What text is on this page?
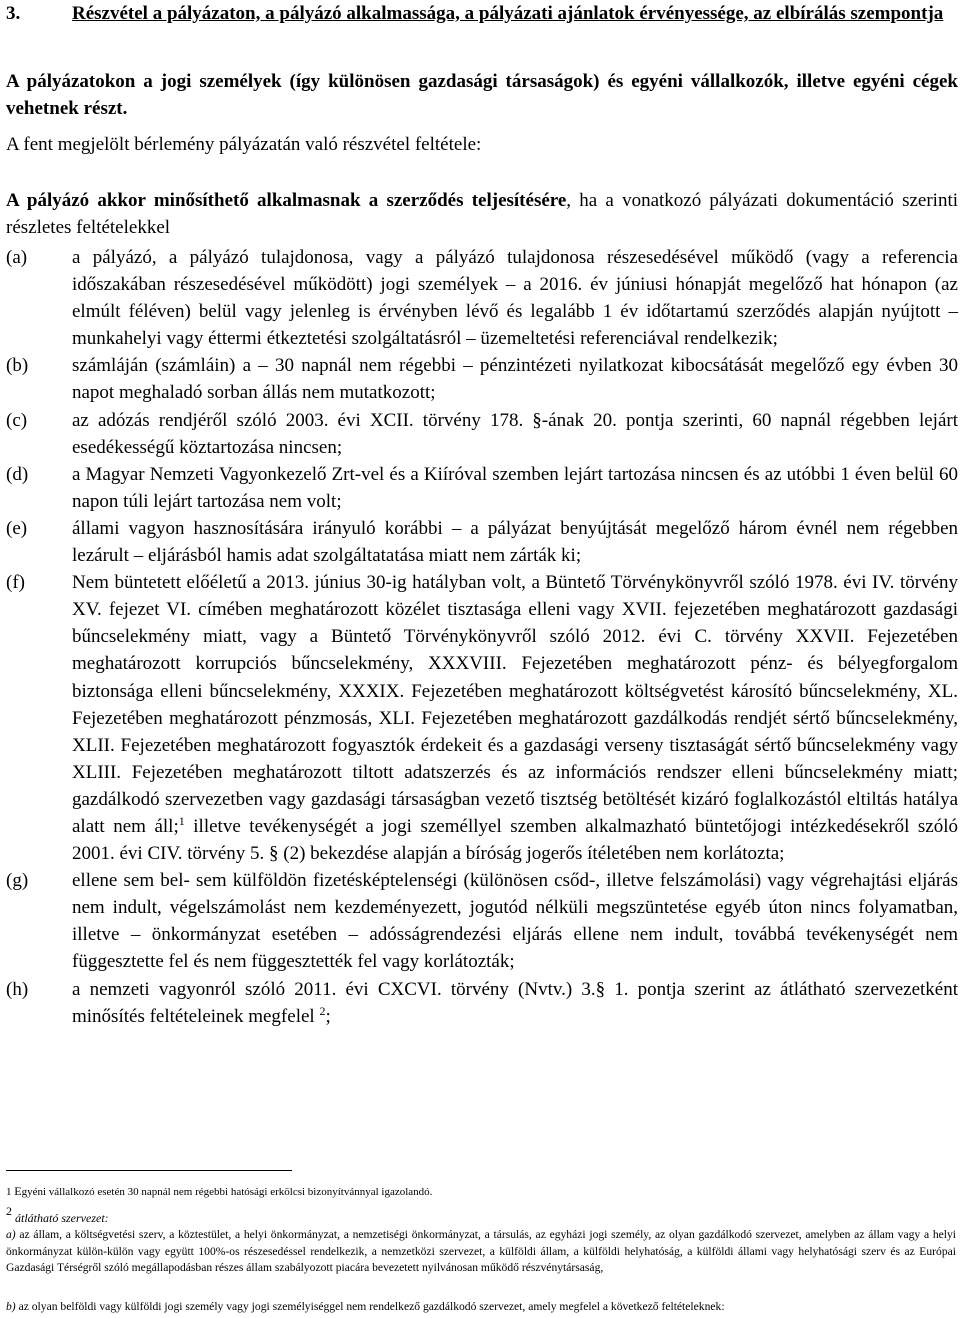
3.	Részvétel a pályázaton, a pályázó alkalmassága, a pályázati ajánlatok érvényessége, az elbírálás szempontja
A pályázatokon a jogi személyek (így különösen gazdasági társaságok) és egyéni vállalkozók, illetve egyéni cégek vehetnek részt.
A fent megjelölt bérlemény pályázatán való részvétel feltétele:
A pályázó akkor minősíthető alkalmasnak a szerződés teljesítésére, ha a vonatkozó pályázati dokumentáció szerinti részletes feltételekkel
(a) a pályázó, a pályázó tulajdonosa, vagy a pályázó tulajdonosa részesedésével működő (vagy a referencia időszakában részesedésével működött) jogi személyek – a 2016. év júniusi hónapját megelőző hat hónapon (az elmúlt féléven) belül vagy jelenleg is érvényben lévő és legalább 1 év időtartamú szerződés alapján nyújtott – munkahelyi vagy éttermi étkeztetési szolgáltatásról – üzemeltetési referenciával rendelkezik;
(b) számláján (számláin) a – 30 napnál nem régebbi – pénzintézeti nyilatkozat kibocsátását megelőző egy évben 30 napot meghaladó sorban állás nem mutatkozott;
(c) az adózás rendjéről szóló 2003. évi XCII. törvény 178. §-ának 20. pontja szerinti, 60 napnál régebben lejárt esedékességű köztartozása nincsen;
(d) a Magyar Nemzeti Vagyonkezelő Zrt-vel és a Kiíróval szemben lejárt tartozása nincsen és az utóbbi 1 éven belül 60 napon túli lejárt tartozása nem volt;
(e) állami vagyon hasznosítására irányuló korábbi – a pályázat benyújtását megelőző három évnél nem régebben lezárult – eljárásból hamis adat szolgáltatatása miatt nem zárták ki;
(f) Nem büntetett előéletű a 2013. június 30-ig hatályban volt, a Büntető Törvénykönyvről szóló 1978. évi IV. törvény XV. fejezet VI. címében meghatározott közélet tisztasága elleni vagy XVII. fejezetében meghatározott gazdasági bűncselekmény miatt, vagy a Büntető Törvénykönyvről szóló 2012. évi C. törvény XXVII. Fejezetében meghatározott korrupciós bűncselekmény, XXXVIII. Fejezetében meghatározott pénz- és bélyegforgalom biztonsága elleni bűncselekmény, XXXIX. Fejezetében meghatározott költségvetést károsító bűncselekmény, XL. Fejezetében meghatározott pénzmosás, XLI. Fejezetében meghatározott gazdálkodás rendjét sértő bűncselekmény, XLII. Fejezetében meghatározott fogyasztók érdekeit és a gazdasági verseny tisztaságát sértő bűncselekmény vagy XLIII. Fejezetében meghatározott tiltott adatszerzés és az információs rendszer elleni bűncselekmény miatt; gazdálkodó szervezetben vagy gazdasági társaságban vezető tisztség betöltését kizáró foglalkozástól eltiltás hatálya alatt nem áll;$^1$ illetve tevékenységét a jogi személlyel szemben alkalmazható büntetőjogi intézkedésekről szóló 2001. évi CIV. törvény 5. § (2) bekezdése alapján a bíróság jogerős ítéletében nem korlátozta;
(g) ellene sem bel- sem külföldön fizetésképtelenségi (különösen csőd-, illetve felszámolási) vagy végrehajtási eljárás nem indult, végelszámolást nem kezdeményezett, jogutód nélküli megszüntetése egyéb úton nincs folyamatban, illetve – önkormányzat esetében – adósságrendezési eljárás ellene nem indult, továbbá tevékenységét nem függesztette fel és nem függesztették fel vagy korlátozták;
(h) a nemzeti vagyonról szóló 2011. évi CXCVI. törvény (Nvtv.) 3.§ 1. pontja szerint az átlátható szervezetként minősítés feltételeinek megfelel $^2$;
1 Egyéni vállalkozó esetén 30 napnál nem régebbi hatósági erkölcsi bizonyítvánnyal igazolandó.
$^2$ átlátható szervezet:
a) az állam, a költségvetési szerv, a köztestület, a helyi önkormányzat, a nemzetiségi önkormányzat, a társulás, az egyházi jogi személy, az olyan gazdálkodó szervezet, amelyben az állam vagy a helyi önkormányzat külön-külön vagy együtt 100%-os részesedéssel rendelkezik, a nemzetközi szervezet, a külföldi állam, a külföldi helyhatóság, a külföldi állami vagy helyhatósági szerv és az Európai Gazdasági Térségről szóló megállapodásban részes állam szabályozott piacára bevezetett nyilvánosan működő részvénytársaság,
b) az olyan belföldi vagy külföldi jogi személy vagy jogi személyiséggel nem rendelkező gazdálkodó szervezet, amely megfelel a következő feltételeknek:
